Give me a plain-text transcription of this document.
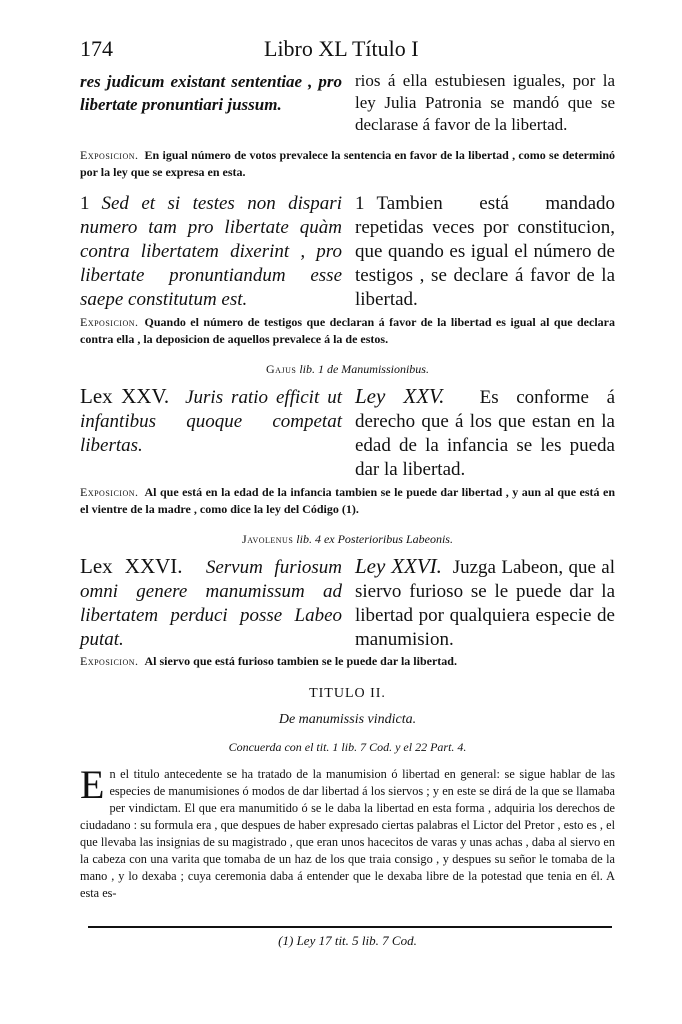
174	Libro XL Título I
res judicum existant sententiae , pro libertate pronuntiari jussum.
rios á ella estubiesen iguales, por la ley Julia Patronia se mandó que se declarase á favor de la libertad.
Exposicion. En igual número de votos prevalece la sentencia en favor de la libertad , como se determinó por la ley que se expresa en esta.
1 Sed et si testes non dispari numero tam pro libertate quàm contra libertatem dixerint , pro libertate pronuntiandum esse saepe constitutum est.
1 Tambien está mandado repetidas veces por constitucion, que quando es igual el número de testigos , se declare á favor de la libertad.
Exposicion. Quando el número de testigos que declaran á favor de la libertad es igual al que declara contra ella , la deposicion de aquellos prevalece á la de estos.
Gajus lib. 1 de Manumissionibus.
Lex XXV. Juris ratio efficit ut infantibus quoque competat libertas.
Ley XXV. Es conforme á derecho que á los que estan en la edad de la infancia se les pueda dar la libertad.
Exposicion. Al que está en la edad de la infancia tambien se le puede dar libertad , y aun al que está en el vientre de la madre , como dice la ley del Código (1).
Javolenus lib. 4 ex Posterioribus Labeonis.
Lex XXVI. Servum furiosum omni genere manumissum ad libertatem perduci posse Labeo putat.
Ley XXVI. Juzga Labeon, que al siervo furioso se le puede dar la libertad por qualquiera especie de manumision.
Exposicion. Al siervo que está furioso tambien se le puede dar la libertad.
TITULO II.
De manumissis vindicta.
Concuerda con el tit. 1 lib. 7 Cod. y el 22 Part. 4.
En el titulo antecedente se ha tratado de la manumision ó libertad en general: se sigue hablar de las especies de manumisiones ó modos de dar libertad á los siervos ; y en este se dirá de la que se llamaba per vindictam. El que era manumitido ó se le daba la libertad en esta forma , adquiria los derechos de ciudadano : su formula era , que despues de haber expresado ciertas palabras el Lictor del Pretor , esto es , el que llevaba las insignias de su magistrado , que eran unos hacecitos de varas y unas achas , daba al siervo en la cabeza con una varita que tomaba de un haz de los que traia consigo , y despues su señor le tomaba de la mano , y lo dexaba ; cuya ceremonia daba á entender que le dexaba libre de la potestad que tenia en él. A esta es-
(1) Ley 17 tit. 5 lib. 7 Cod.
